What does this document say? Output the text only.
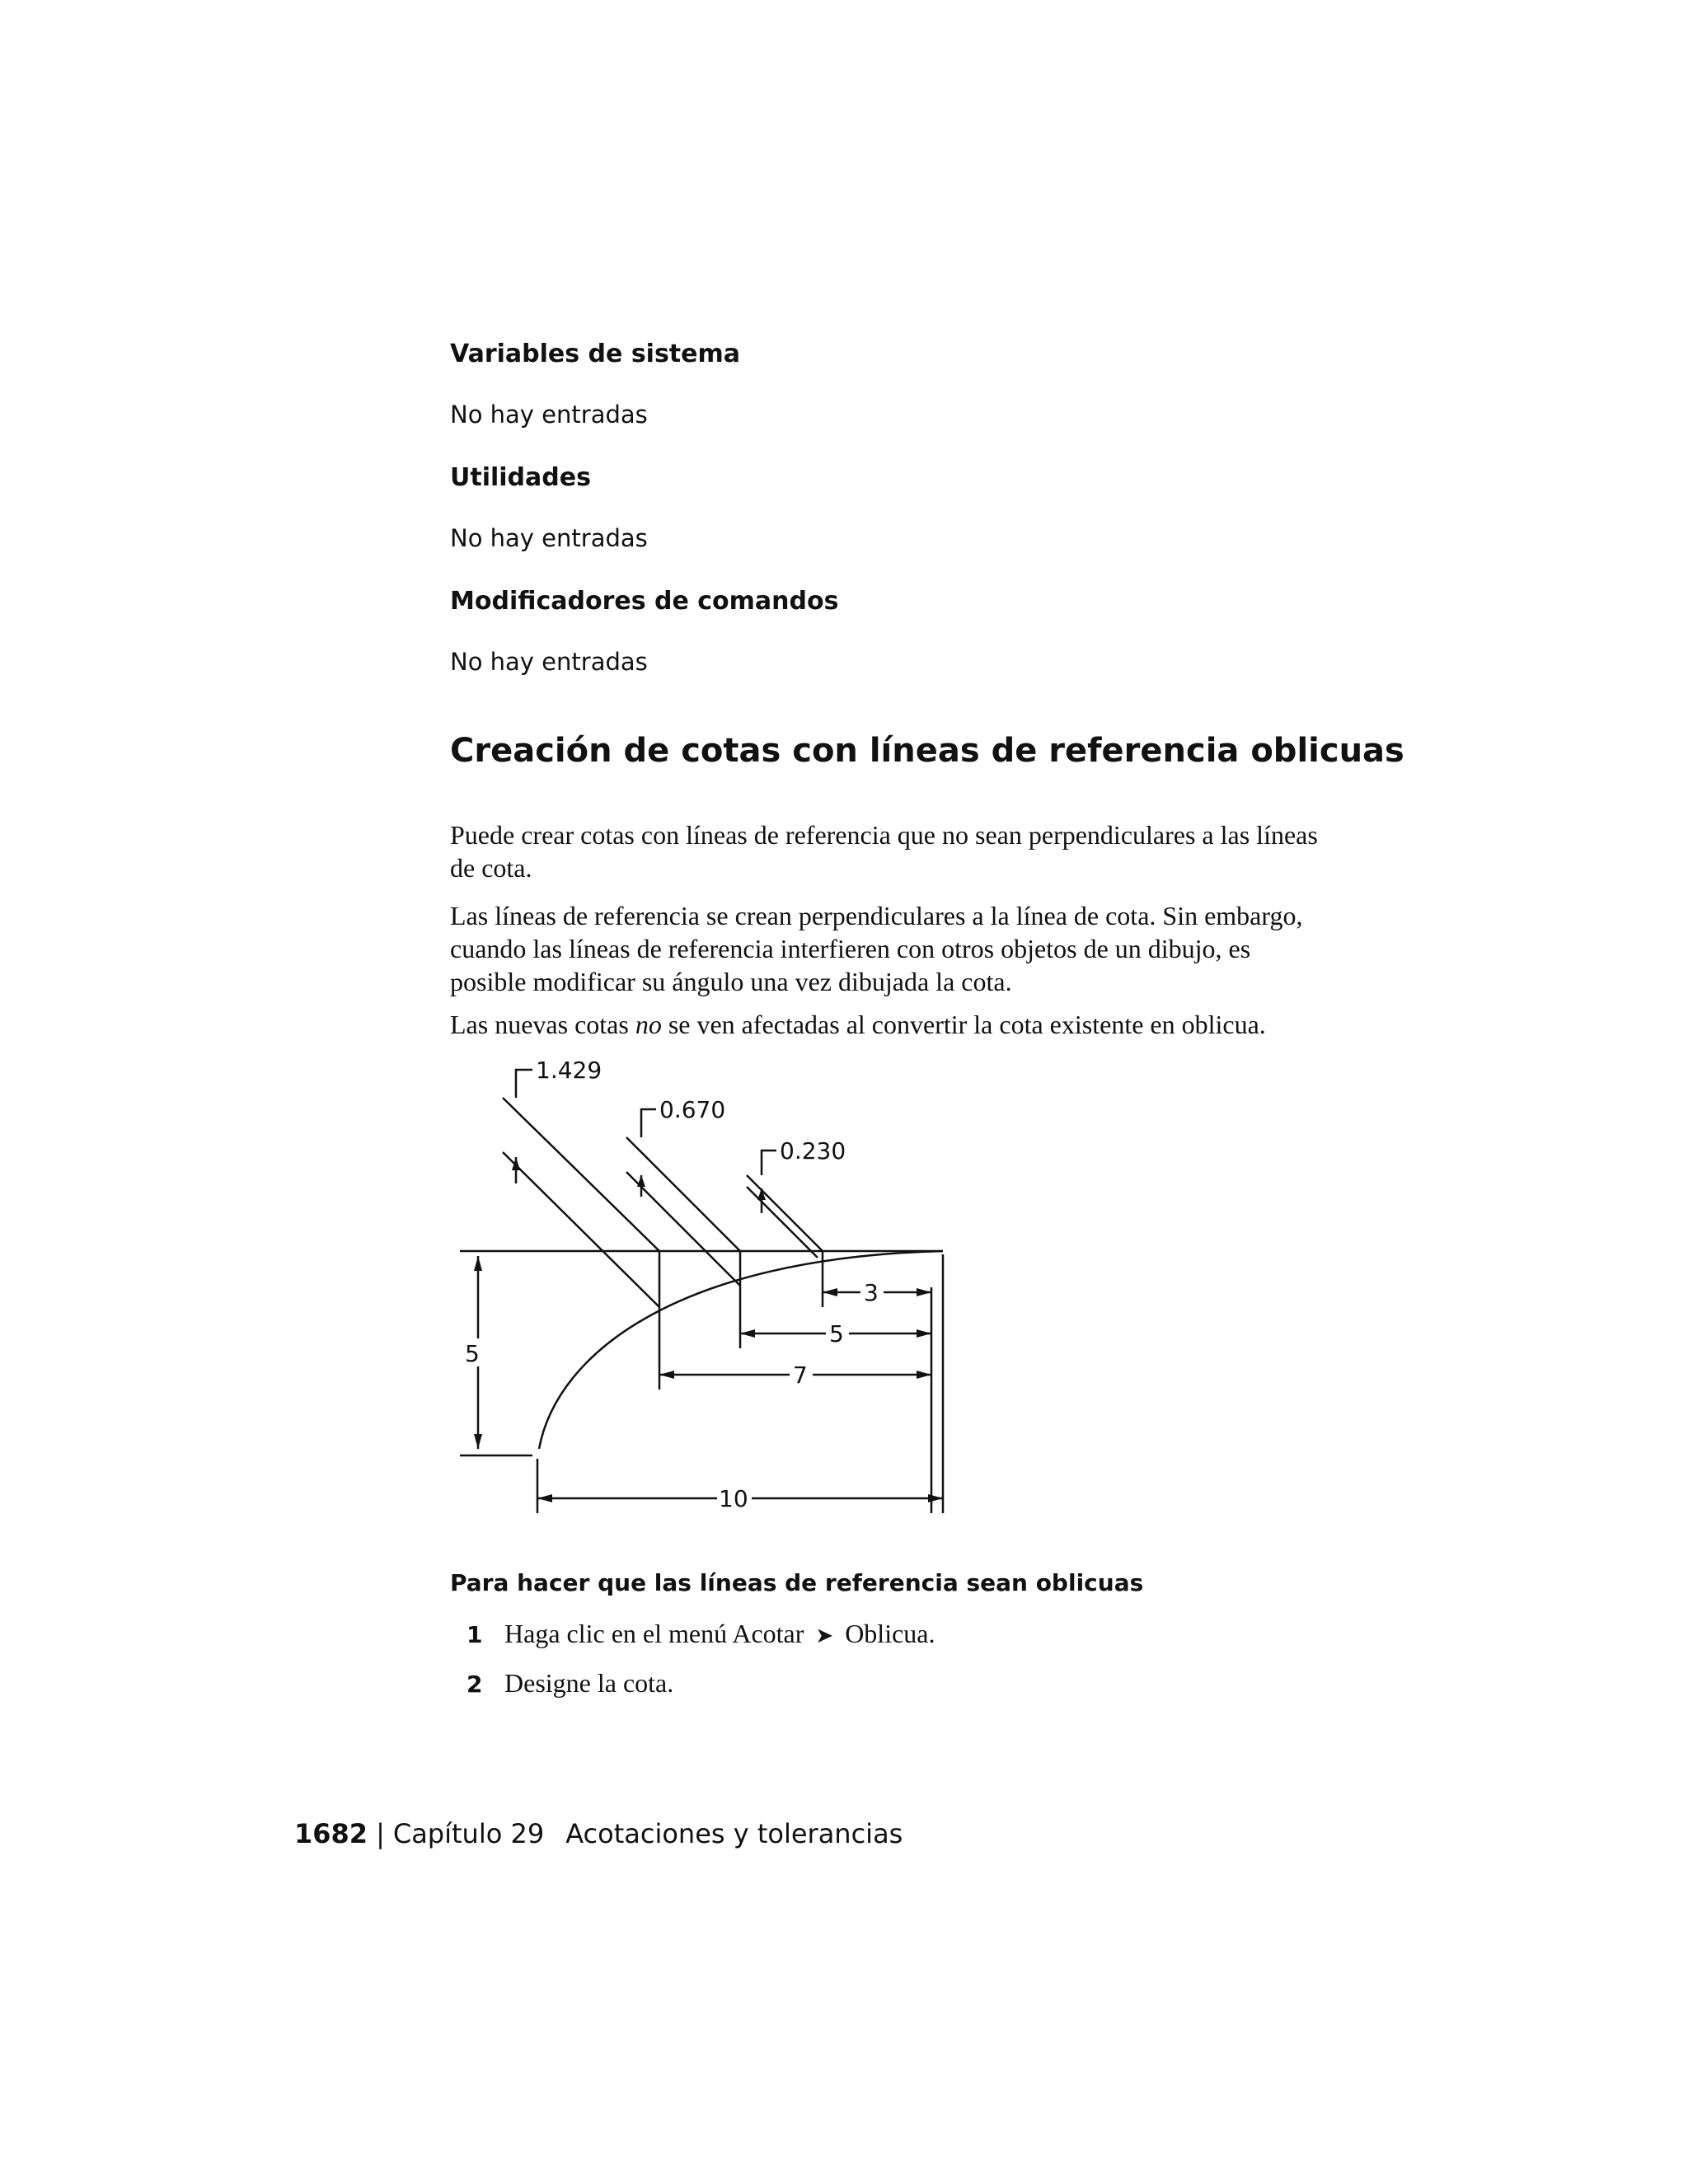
Variables de sistema

No hay entradas

Utilidades

No hay entradas

Modificadores de comandos

No hay entradas

Creación de cotas con líneas de referencia oblicuas

Puede crear cotas con líneas de referencia que no sean perpendiculares a las líneas de cota.

Las líneas de referencia se crean perpendiculares a la línea de cota. Sin embargo, cuando las líneas de referencia interfieren con otros objetos de un dibujo, es posible modificar su ángulo una vez dibujada la cota.

Las nuevas cotas no se ven afectadas al convertir la cota existente en oblicua.

3
5
7
10
5
1.429
0.670
0.230

Para hacer que las líneas de referencia sean oblicuas

1 Haga clic en el menú Acotar ➤ Oblicua.
2 Designe la cota.
1682 | Capítulo 29 Acotaciones y tolerancias
